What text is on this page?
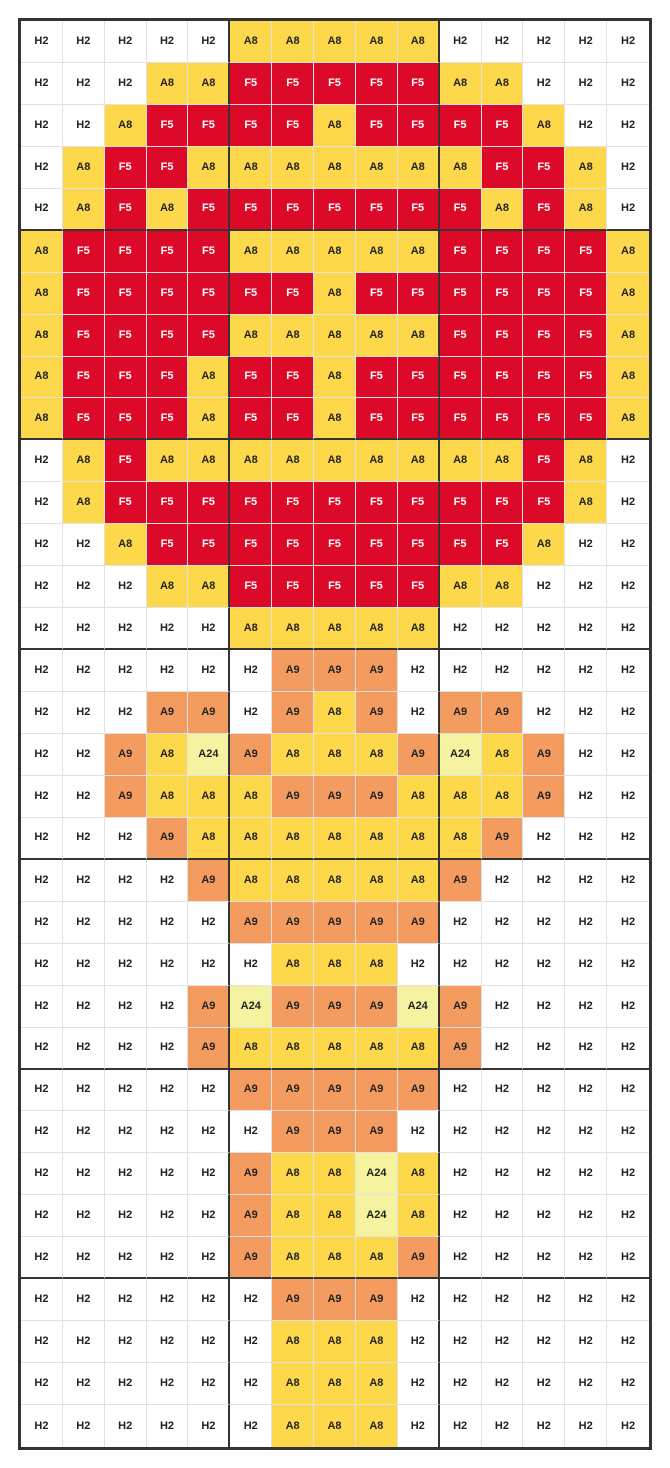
H2	H2	H2	H2	H2	A8	A8	A8	A8	A8	H2	H2	H2	H2	H2
H2	H2	H2	A8	A8	F5	F5	F5	F5	F5	A8	A8	H2	H2	H2
H2	H2	A8	F5	F5	F5	F5	A8	F5	F5	F5	F5	A8	H2	H2
H2	A8	F5	F5	A8	A8	A8	A8	A8	A8	A8	F5	F5	A8	H2
H2	A8	F5	A8	F5	F5	F5	F5	F5	F5	F5	A8	F5	A8	H2
A8	F5	F5	F5	F5	A8	A8	A8	A8	A8	F5	F5	F5	F5	A8
A8	F5	F5	F5	F5	F5	F5	A8	F5	F5	F5	F5	F5	F5	A8
A8	F5	F5	F5	F5	A8	A8	A8	A8	A8	F5	F5	F5	F5	A8
A8	F5	F5	F5	A8	F5	F5	A8	F5	F5	F5	F5	F5	F5	A8
A8	F5	F5	F5	A8	F5	F5	A8	F5	F5	F5	F5	F5	F5	A8
H2	A8	F5	A8	A8	A8	A8	A8	A8	A8	A8	A8	F5	A8	H2
H2	A8	F5	F5	F5	F5	F5	F5	F5	F5	F5	F5	F5	A8	H2
H2	H2	A8	F5	F5	F5	F5	F5	F5	F5	F5	F5	A8	H2	H2
H2	H2	H2	A8	A8	F5	F5	F5	F5	F5	A8	A8	H2	H2	H2
H2	H2	H2	H2	H2	A8	A8	A8	A8	A8	H2	H2	H2	H2	H2
H2	H2	H2	H2	H2	H2	A9	A9	A9	H2	H2	H2	H2	H2	H2
H2	H2	H2	A9	A9	H2	A9	A8	A9	H2	A9	A9	H2	H2	H2
H2	H2	A9	A8	A24	A9	A8	A8	A8	A9	A24	A8	A9	H2	H2
H2	H2	A9	A8	A8	A8	A9	A9	A9	A8	A8	A8	A9	H2	H2
H2	H2	H2	A9	A8	A8	A8	A8	A8	A8	A8	A9	H2	H2	H2
H2	H2	H2	H2	A9	A8	A8	A8	A8	A8	A9	H2	H2	H2	H2
H2	H2	H2	H2	H2	A9	A9	A9	A9	A9	H2	H2	H2	H2	H2
H2	H2	H2	H2	H2	H2	A8	A8	A8	H2	H2	H2	H2	H2	H2
H2	H2	H2	H2	A9	A24	A9	A9	A9	A24	A9	H2	H2	H2	H2
H2	H2	H2	H2	A9	A8	A8	A8	A8	A8	A9	H2	H2	H2	H2
H2	H2	H2	H2	H2	A9	A9	A9	A9	A9	H2	H2	H2	H2	H2
H2	H2	H2	H2	H2	H2	A9	A9	A9	H2	H2	H2	H2	H2	H2
H2	H2	H2	H2	H2	A9	A8	A8	A24	A8	H2	H2	H2	H2	H2
H2	H2	H2	H2	H2	A9	A8	A8	A24	A8	H2	H2	H2	H2	H2
H2	H2	H2	H2	H2	A9	A8	A8	A8	A9	H2	H2	H2	H2	H2
H2	H2	H2	H2	H2	H2	A9	A9	A9	H2	H2	H2	H2	H2	H2
H2	H2	H2	H2	H2	H2	A8	A8	A8	H2	H2	H2	H2	H2	H2
H2	H2	H2	H2	H2	H2	A8	A8	A8	H2	H2	H2	H2	H2	H2
H2	H2	H2	H2	H2	H2	A8	A8	A8	H2	H2	H2	H2	H2	H2
